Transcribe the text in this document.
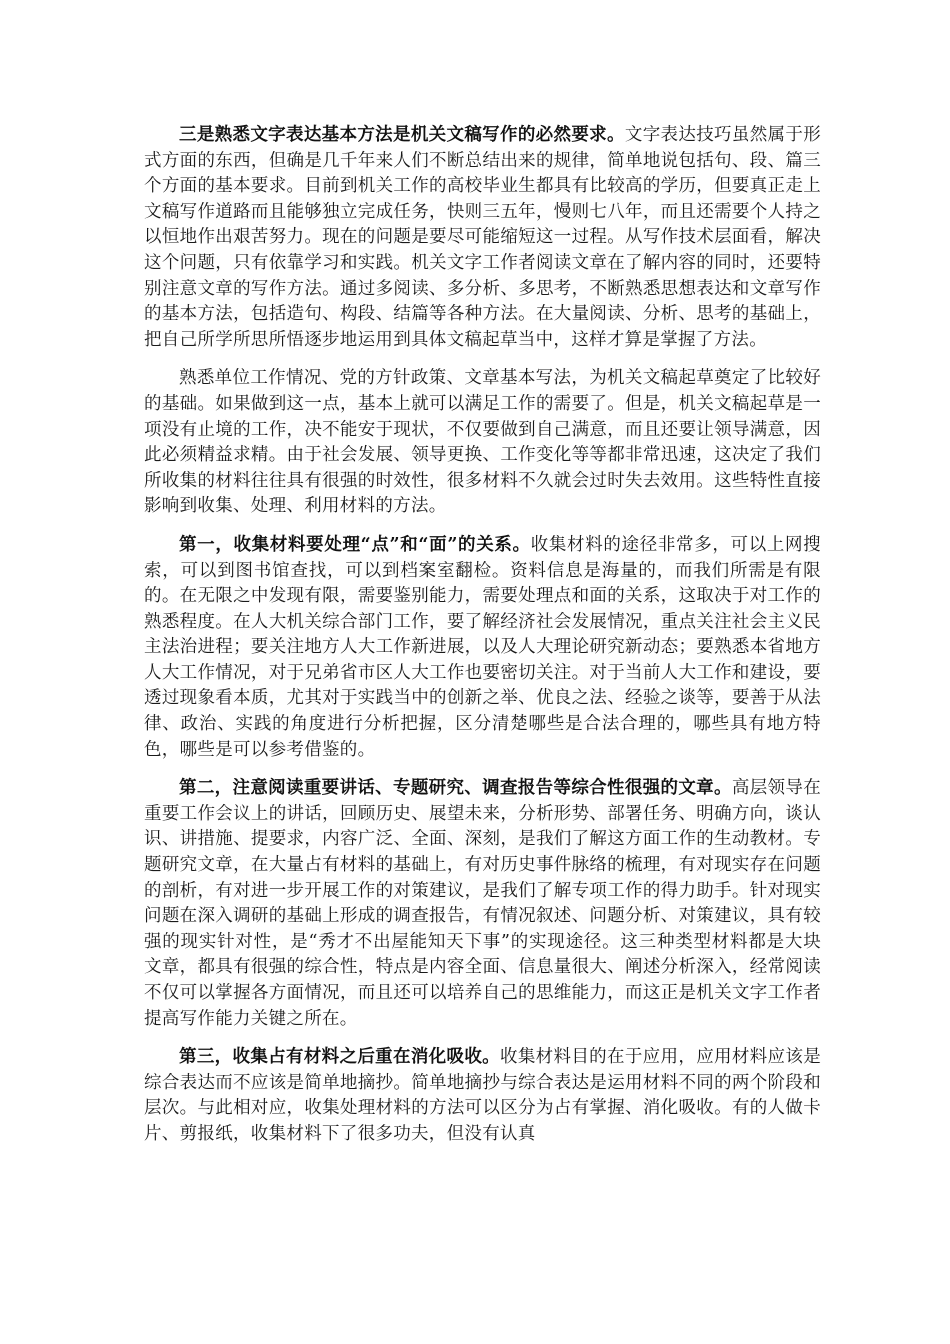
三是熟悉文字表达基本方法是机关文稿写作的必然要求。文字表达技巧虽然属于形式方面的东西，但确是几千年来人们不断总结出来的规律，简单地说包括句、段、篇三个方面的基本要求。目前到机关工作的高校毕业生都具有比较高的学历，但要真正走上文稿写作道路而且能够独立完成任务，快则三五年，慢则七八年，而且还需要个人持之以恒地作出艰苦努力。现在的问题是要尽可能缩短这一过程。从写作技术层面看，解决这个问题，只有依靠学习和实践。机关文字工作者阅读文章在了解内容的同时，还要特别注意文章的写作方法。通过多阅读、多分析、多思考，不断熟悉思想表达和文章写作的基本方法，包括造句、构段、结篇等各种方法。在大量阅读、分析、思考的基础上，把自己所学所思所悟逐步地运用到具体文稿起草当中，这样才算是掌握了方法。

熟悉单位工作情况、党的方针政策、文章基本写法，为机关文稿起草奠定了比较好的基础。如果做到这一点，基本上就可以满足工作的需要了。但是，机关文稿起草是一项没有止境的工作，决不能安于现状，不仅要做到自己满意，而且还要让领导满意，因此必须精益求精。由于社会发展、领导更换、工作变化等等都非常迅速，这决定了我们所收集的材料往往具有很强的时效性，很多材料不久就会过时失去效用。这些特性直接影响到收集、处理、利用材料的方法。

第一，收集材料要处理“点”和“面”的关系。收集材料的途径非常多，可以上网搜索，可以到图书馆查找，可以到档案室翻检。资料信息是海量的，而我们所需是有限的。在无限之中发现有限，需要鉴别能力，需要处理点和面的关系，这取决于对工作的熟悉程度。在人大机关综合部门工作，要了解经济社会发展情况，重点关注社会主义民主法治进程；要关注地方人大工作新进展，以及人大理论研究新动态；要熟悉本省地方人大工作情况，对于兄弟省市区人大工作也要密切关注。对于当前人大工作和建设，要透过现象看本质，尤其对于实践当中的创新之举、优良之法、经验之谈等，要善于从法律、政治、实践的角度进行分析把握，区分清楚哪些是合法合理的，哪些具有地方特色，哪些是可以参考借鉴的。

第二，注意阅读重要讲话、专题研究、调查报告等综合性很强的文章。高层领导在重要工作会议上的讲话，回顾历史、展望未来，分析形势、部署任务、明确方向，谈认识、讲措施、提要求，内容广泛、全面、深刻，是我们了解这方面工作的生动教材。专题研究文章，在大量占有材料的基础上，有对历史事件脉络的梳理，有对现实存在问题的剖析，有对进一步开展工作的对策建议，是我们了解专项工作的得力助手。针对现实问题在深入调研的基础上形成的调查报告，有情况叙述、问题分析、对策建议，具有较强的现实针对性，是“秀才不出屋能知天下事”的实现途径。这三种类型材料都是大块文章，都具有很强的综合性，特点是内容全面、信息量很大、阐述分析深入，经常阅读不仅可以掌握各方面情况，而且还可以培养自己的思维能力，而这正是机关文字工作者提高写作能力关键之所在。

第三，收集占有材料之后重在消化吸收。收集材料目的在于应用，应用材料应该是综合表达而不应该是简单地摘抄。简单地摘抄与综合表达是运用材料不同的两个阶段和层次。与此相对应，收集处理材料的方法可以区分为占有掌握、消化吸收。有的人做卡片、剪报纸，收集材料下了很多功夫，但没有认真
